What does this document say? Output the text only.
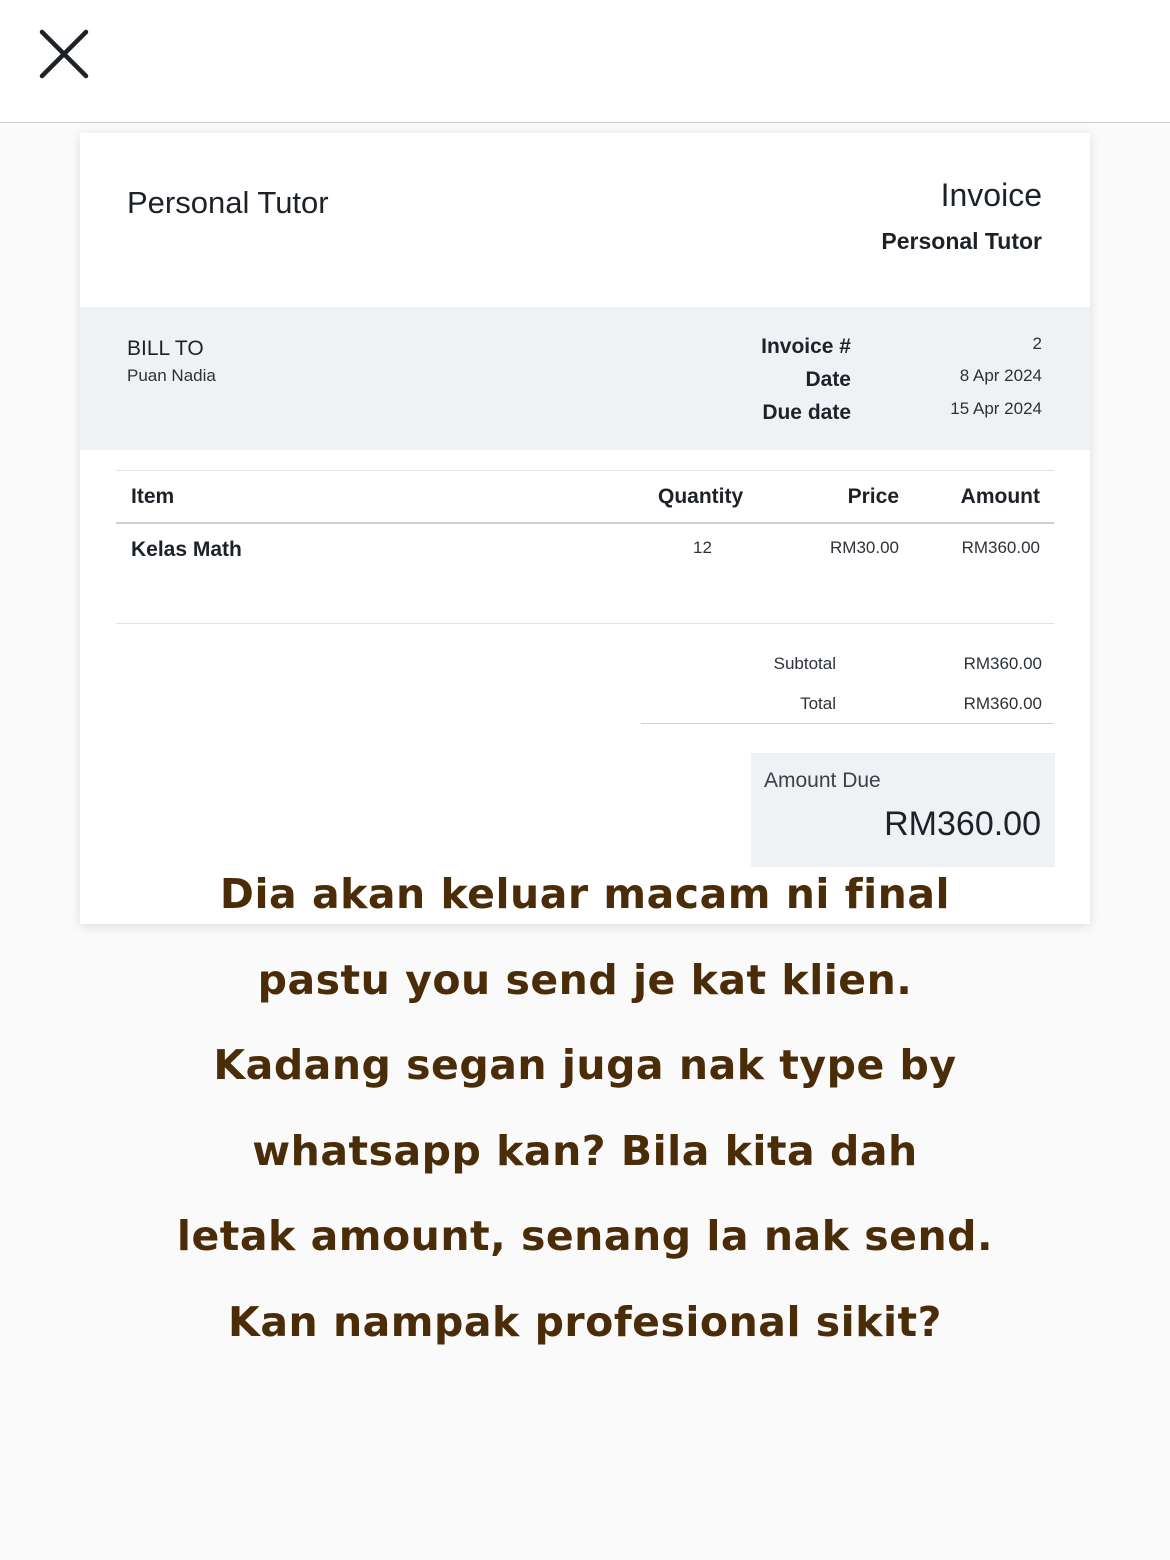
Personal Tutor	Invoice
Personal Tutor
BILL TO
Puan Nadia
Invoice #	2
Date	8 Apr 2024
Due date	15 Apr 2024
Item	Quantity	Price	Amount
Kelas Math	12	RM30.00	RM360.00
Subtotal	RM360.00
Total	RM360.00
Amount Due
RM360.00
Dia akan keluar macam ni final
pastu you send je kat klien.
Kadang segan juga nak type by
whatsapp kan? Bila kita dah
letak amount, senang la nak send.
Kan nampak profesional sikit?
